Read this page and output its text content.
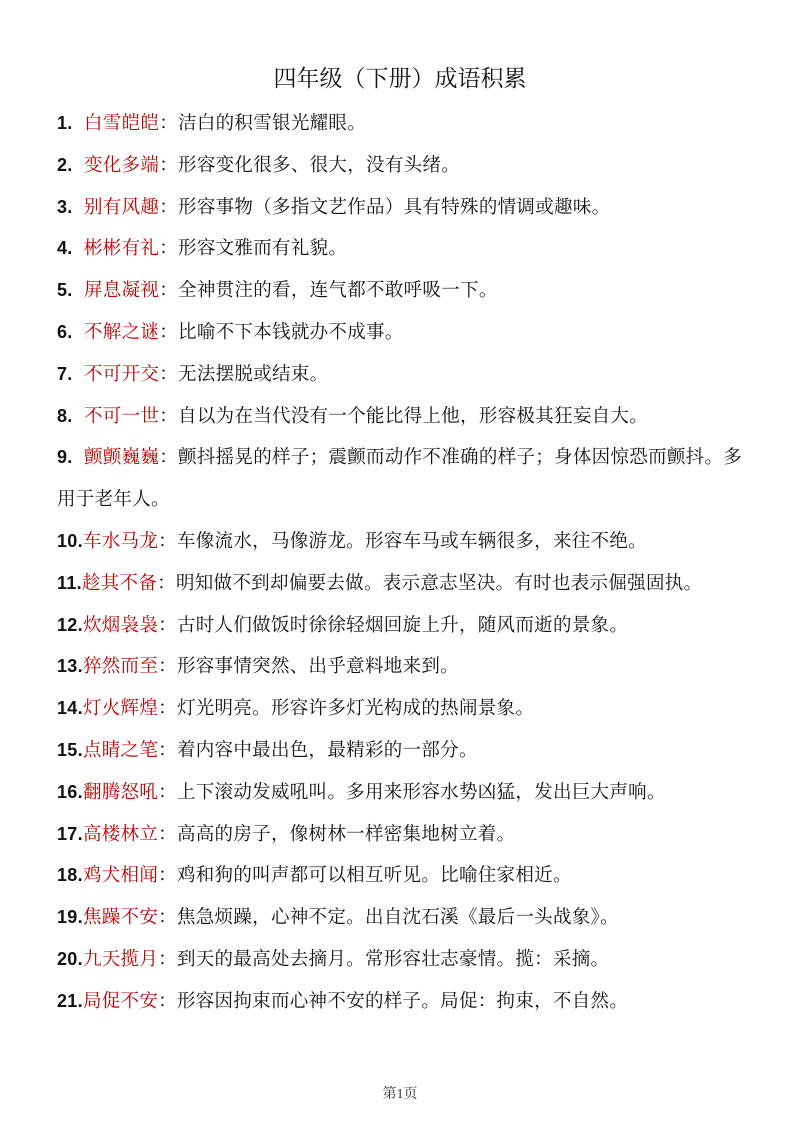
四年级（下册）成语积累
1. 白雪皑皑：洁白的积雪银光耀眼。
2. 变化多端：形容变化很多、很大，没有头绪。
3. 别有风趣：形容事物（多指文艺作品）具有特殊的情调或趣味。
4. 彬彬有礼：形容文雅而有礼貌。
5. 屏息凝视：全神贯注的看，连气都不敢呼吸一下。
6. 不解之谜：比喻不下本钱就办不成事。
7. 不可开交：无法摆脱或结束。
8. 不可一世：自以为在当代没有一个能比得上他，形容极其狂妄自大。
9. 颤颤巍巍：颤抖摇晃的样子；震颤而动作不准确的样子；身体因惊恐而颤抖。多用于老年人。
10.车水马龙：车像流水，马像游龙。形容车马或车辆很多，来往不绝。
11.趁其不备：明知做不到却偏要去做。表示意志坚决。有时也表示倔强固执。
12.炊烟袅袅：古时人们做饭时徐徐轻烟回旋上升，随风而逝的景象。
13.猝然而至：形容事情突然、出乎意料地来到。
14.灯火辉煌：灯光明亮。形容许多灯光构成的热闹景象。
15.点睛之笔：着内容中最出色，最精彩的一部分。
16.翻腾怒吼：上下滚动发威吼叫。多用来形容水势凶猛，发出巨大声响。
17.高楼林立：高高的房子，像树林一样密集地树立着。
18.鸡犬相闻：鸡和狗的叫声都可以相互听见。比喻住家相近。
19.焦躁不安：焦急烦躁，心神不定。出自沈石溪《最后一头战象》。
20.九天揽月：到天的最高处去摘月。常形容壮志豪情。揽：采摘。
21.局促不安：形容因拘束而心神不安的样子。局促：拘束，不自然。
第1页
